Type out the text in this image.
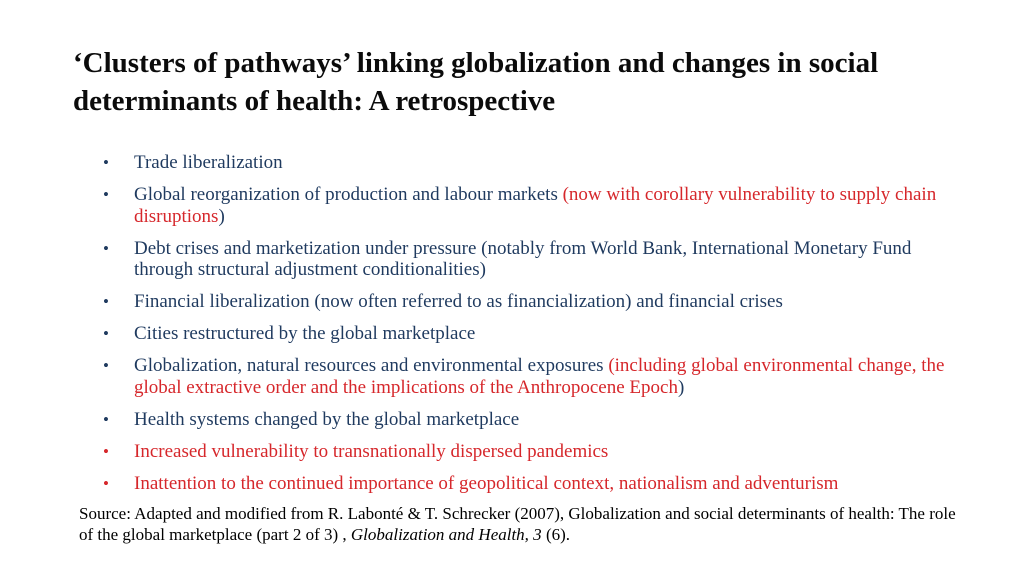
‘Clusters of pathways’ linking globalization and changes in social determinants of health: A retrospective
•	Trade liberalization
•	Global reorganization of production and labour markets (now with corollary vulnerability to supply chain disruptions)
•	Debt crises and marketization under pressure (notably from World Bank, International Monetary Fund through structural adjustment conditionalities)
•	Financial liberalization (now often referred to as financialization) and financial crises
•	Cities restructured by the global marketplace
•	Globalization, natural resources and environmental exposures (including global environmental change, the global extractive order and the implications of the Anthropocene Epoch)
•	Health systems changed by the global marketplace
•	Increased vulnerability to transnationally dispersed pandemics
•	Inattention to the continued importance of geopolitical context, nationalism and adventurism

Source: Adapted and modified from R. Labonté & T. Schrecker (2007), Globalization and social determinants of health: The role of the global marketplace (part 2 of 3) , Globalization and Health, 3 (6).
